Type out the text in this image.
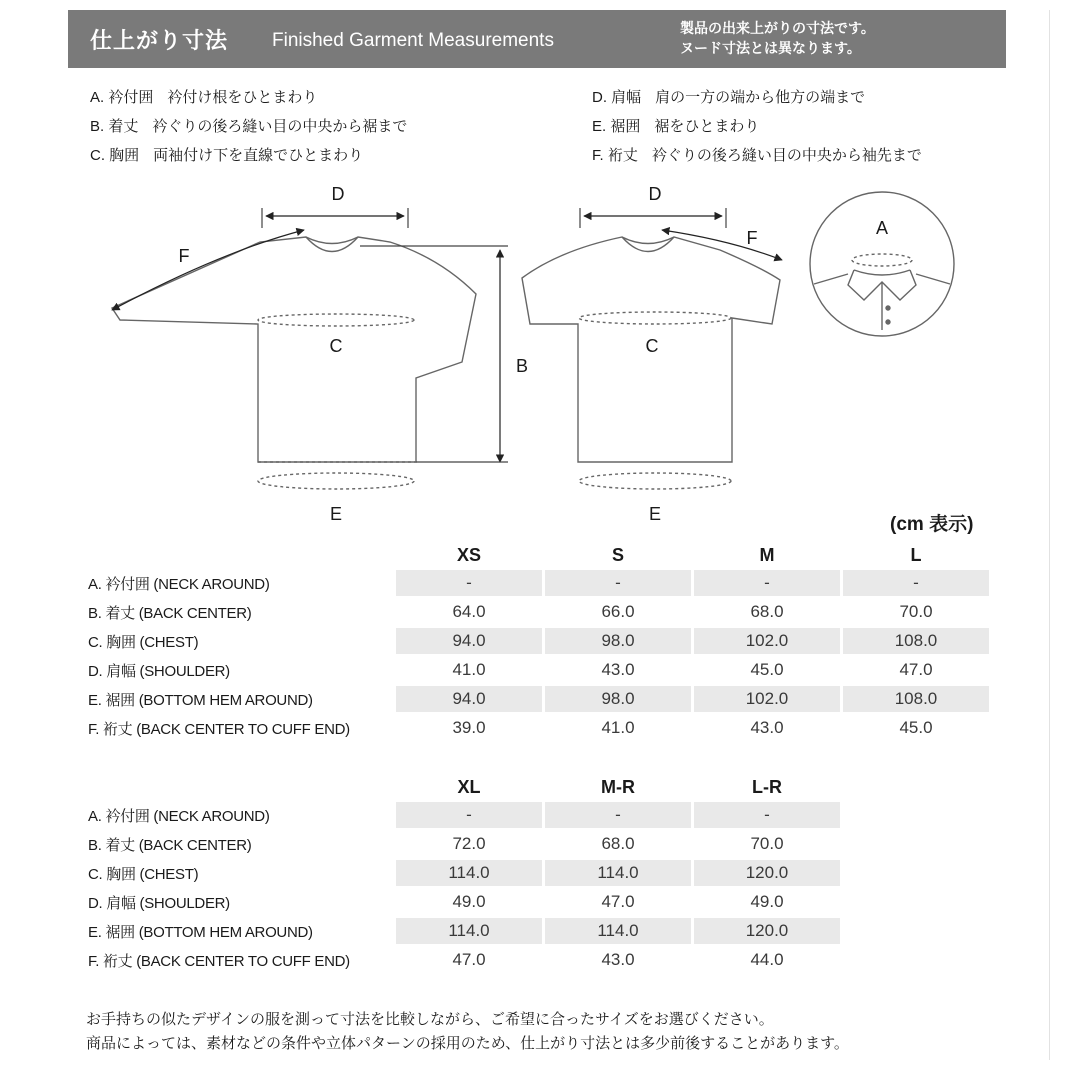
仕上がり寸法 Finished Garment Measurements
製品の出来上がりの寸法です。
ヌード寸法とは異なります。
A. 衿付囲 衿付け根をひとまわり
B. 着丈 衿ぐりの後ろ縫い目の中央から裾まで
C. 胸囲 両袖付け下を直線でひとまわり
D. 肩幅 肩の一方の端から他方の端まで
E. 裾囲 裾をひとまわり
F. 裄丈 衿ぐりの後ろ縫い目の中央から袖先まで
D	D
F
F
C	C
B
E	E
A
(cm 表示)
	XS	S	M	L
A. 衿付囲 (NECK AROUND)	-	-	-	-
B. 着丈 (BACK CENTER)	64.0	66.0	68.0	70.0
C. 胸囲 (CHEST)	94.0	98.0	102.0	108.0
D. 肩幅 (SHOULDER)	41.0	43.0	45.0	47.0
E. 裾囲 (BOTTOM HEM AROUND)	94.0	98.0	102.0	108.0
F. 裄丈 (BACK CENTER TO CUFF END)	39.0	41.0	43.0	45.0
	XL	M-R	L-R
A. 衿付囲 (NECK AROUND)	-	-	-
B. 着丈 (BACK CENTER)	72.0	68.0	70.0
C. 胸囲 (CHEST)	114.0	114.0	120.0
D. 肩幅 (SHOULDER)	49.0	47.0	49.0
E. 裾囲 (BOTTOM HEM AROUND)	114.0	114.0	120.0
F. 裄丈 (BACK CENTER TO CUFF END)	47.0	43.0	44.0
お手持ちの似たデザインの服を測って寸法を比較しながら、ご希望に合ったサイズをお選びください。
商品によっては、素材などの条件や立体パターンの採用のため、仕上がり寸法とは多少前後することがあります。
